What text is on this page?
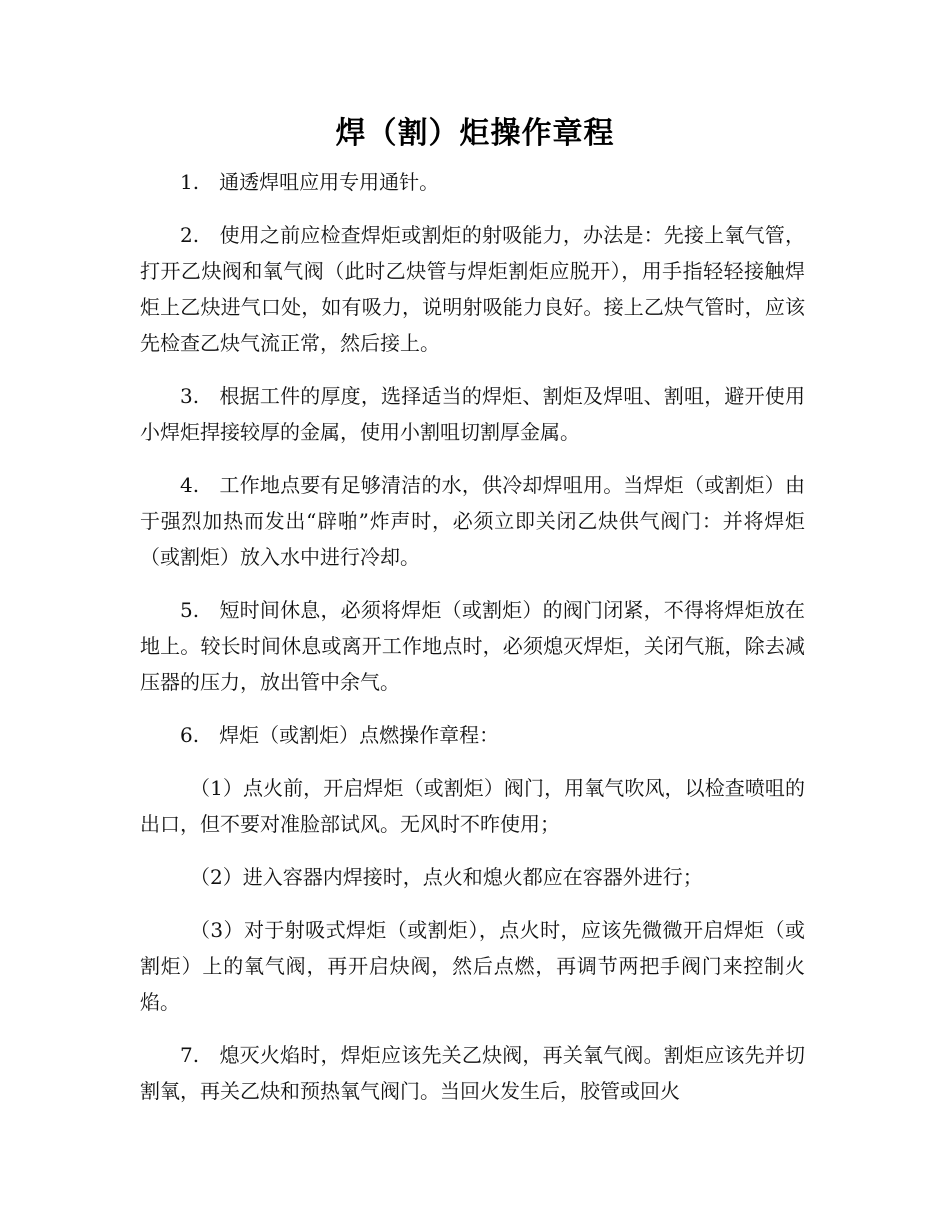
焊（割）炬操作章程

1.　通透焊咀应用专用通针。

2.　使用之前应检查焊炬或割炬的射吸能力，办法是：先接上氧气管，打开乙炔阀和氧气阀（此时乙炔管与焊炬割炬应脱开），用手指轻轻接触焊炬上乙炔进气口处，如有吸力，说明射吸能力良好。接上乙炔气管时，应该先检查乙炔气流正常，然后接上。

3.　根据工件的厚度，选择适当的焊炬、割炬及焊咀、割咀，避开使用小焊炬捍接较厚的金属，使用小割咀切割厚金属。

4.　工作地点要有足够清洁的水，供冷却焊咀用。当焊炬（或割炬）由于强烈加热而发出“辟啪”炸声时，必须立即关闭乙炔供气阀门：并将焊炬（或割炬）放入水中进行冷却。

5.　短时间休息，必须将焊炬（或割炬）的阀门闭紧，不得将焊炬放在地上。较长时间休息或离开工作地点时，必须熄灭焊炬，关闭气瓶，除去减压器的压力，放出管中余气。

6.　焊炬（或割炬）点燃操作章程：

（1）点火前，开启焊炬（或割炬）阀门，用氧气吹风，以检查喷咀的出口，但不要对准脸部试风。无风时不昨使用；

（2）进入容器内焊接时，点火和熄火都应在容器外进行；

（3）对于射吸式焊炬（或割炬），点火时，应该先微微开启焊炬（或割炬）上的氧气阀，再开启炔阀，然后点燃，再调节两把手阀门来控制火焰。

7.　熄灭火焰时，焊炬应该先关乙炔阀，再关氧气阀。割炬应该先并切割氧，再关乙炔和预热氧气阀门。当回火发生后，胶管或回火
